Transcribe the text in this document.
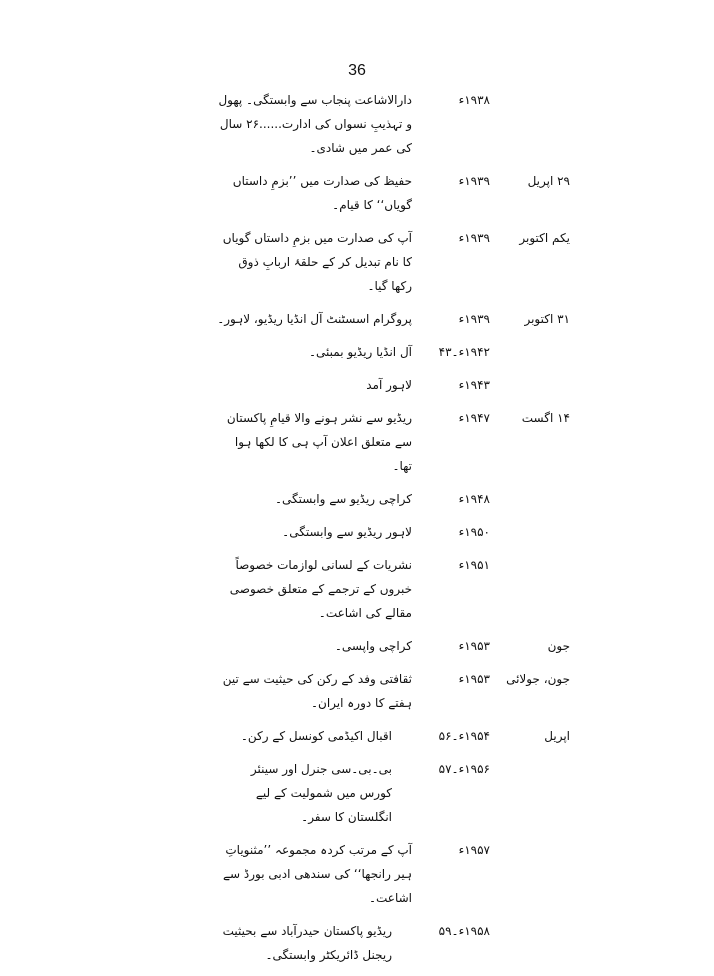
36
۱۹۳۸ء
دارالاشاعت پنجاب سے وابستگی۔ پھول و تہذیبِ نسواں کی ادارت......۲۶ سال کی عمر میں شادی۔
۲۹ اپریل
۱۹۳۹ء
حفیظ کی صدارت میں ’’بزمِ داستاں گویاں‘‘ کا قیام۔
یکم اکتوبر
۱۹۳۹ء
آپ کی صدارت میں بزمِ داستاں گویاں کا نام تبدیل کر کے حلقۂ اربابِ ذوق رکھا گیا۔
۳۱ اکتوبر
۱۹۳۹ء
پروگرام اسسٹنٹ آل انڈیا ریڈیو، لاہور۔
۱۹۴۲ء۔۴۳
آل انڈیا ریڈیو بمبئی۔
۱۹۴۳ء
لاہور آمد
۱۴ اگست
۱۹۴۷ء
ریڈیو سے نشر ہونے والا قیامِ پاکستان سے متعلق اعلان آپ ہی کا لکھا ہوا تھا۔
۱۹۴۸ء
کراچی ریڈیو سے وابستگی۔
۱۹۵۰ء
لاہور ریڈیو سے وابستگی۔
۱۹۵۱ء
نشریات کے لسانی لوازمات خصوصاً خبروں کے ترجمے کے متعلق خصوصی مقالے کی اشاعت۔
جون
۱۹۵۳ء
کراچی واپسی۔
جون، جولائی
۱۹۵۳ء
ثقافتی وفد کے رکن کی حیثیت سے تین ہفتے کا دورہ ایران۔
اپریل
۱۹۵۴ء۔۵۶
اقبال اکیڈمی کونسل کے رکن۔
۱۹۵۶ء۔۵۷
بی۔بی۔سی جنرل اور سینئر کورس میں شمولیت کے لیے انگلستان کا سفر۔
۱۹۵۷ء
آپ کے مرتب کردہ مجموعہ ’’مثنویاتِ ہیر رانجھا‘‘ کی سندھی ادبی بورڈ سے اشاعت۔
۱۹۵۸ء۔۵۹
ریڈیو پاکستان حیدرآباد سے بحیثیت ریجنل ڈائریکٹر وابستگی۔
